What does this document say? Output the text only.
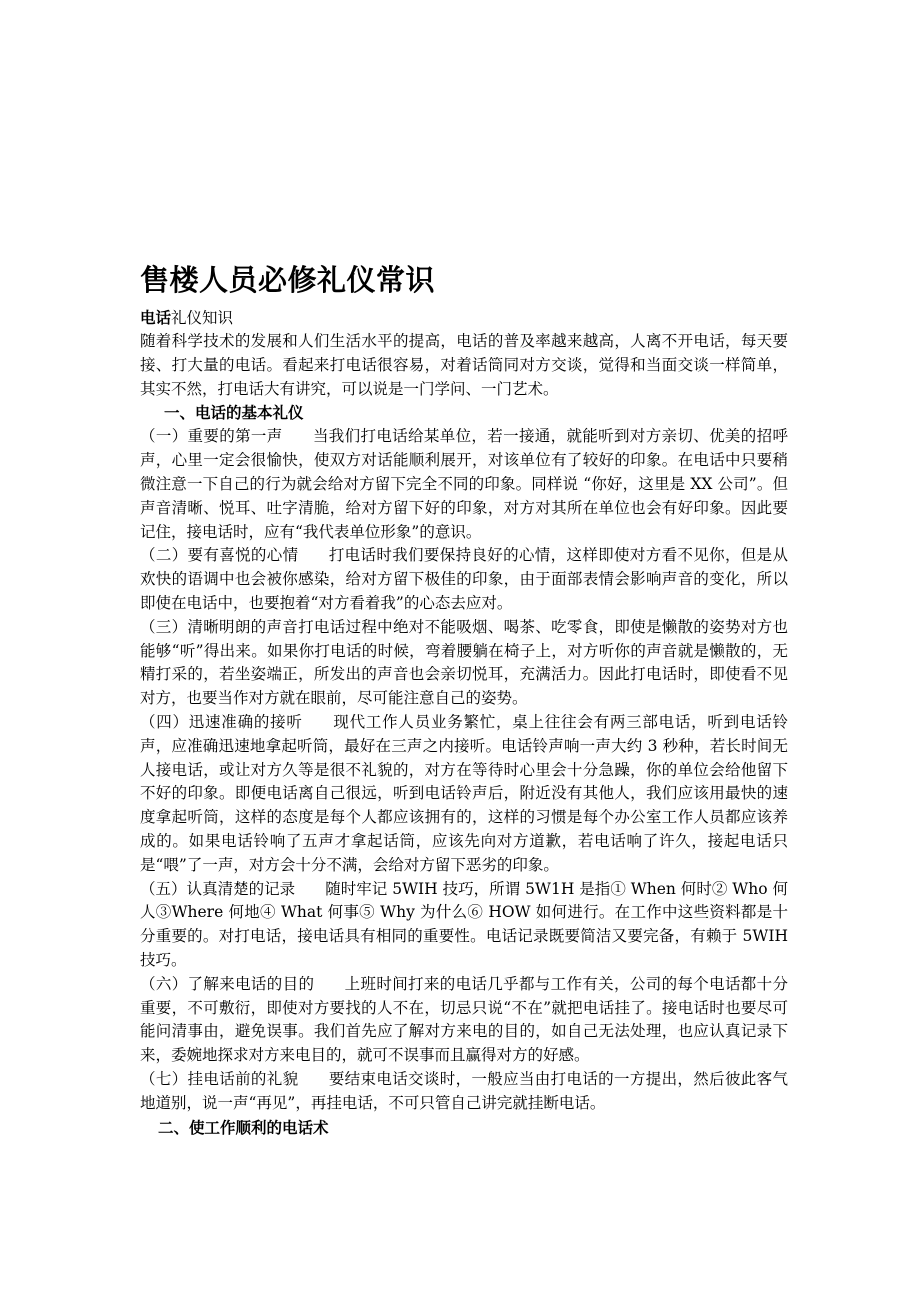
售楼人员必修礼仪常识
电话礼仪知识

随着科学技术的发展和人们生活水平的提高，电话的普及率越来越高，人离不开电话，每天要接、打大量的电话。看起来打电话很容易，对着话筒同对方交谈，觉得和当面交谈一样简单，其实不然，打电话大有讲究，可以说是一门学问、一门艺术。

一、电话的基本礼仪

（一）重要的第一声 当我们打电话给某单位，若一接通，就能听到对方亲切、优美的招呼声，心里一定会很愉快，使双方对话能顺利展开，对该单位有了较好的印象。在电话中只要稍微注意一下自己的行为就会给对方留下完全不同的印象。同样说 “你好，这里是 XX 公司”。但声音清晰、悦耳、吐字清脆，给对方留下好的印象，对方对其所在单位也会有好印象。因此要记住，接电话时，应有“我代表单位形象”的意识。

（二）要有喜悦的心情 打电话时我们要保持良好的心情，这样即使对方看不见你，但是从欢快的语调中也会被你感染，给对方留下极佳的印象，由于面部表情会影响声音的变化，所以即使在电话中，也要抱着“对方看着我”的心态去应对。

（三）清晰明朗的声音打电话过程中绝对不能吸烟、喝茶、吃零食，即使是懒散的姿势对方也能够“听”得出来。如果你打电话的时候，弯着腰躺在椅子上，对方听你的声音就是懒散的，无精打采的，若坐姿端正，所发出的声音也会亲切悦耳，充满活力。因此打电话时，即使看不见对方，也要当作对方就在眼前，尽可能注意自己的姿势。

（四）迅速准确的接听 现代工作人员业务繁忙，桌上往往会有两三部电话，听到电话铃声，应准确迅速地拿起听筒，最好在三声之内接听。电话铃声响一声大约 3 秒种，若长时间无人接电话，或让对方久等是很不礼貌的，对方在等待时心里会十分急躁，你的单位会给他留下不好的印象。即便电话离自己很远，听到电话铃声后，附近没有其他人，我们应该用最快的速度拿起听筒，这样的态度是每个人都应该拥有的，这样的习惯是每个办公室工作人员都应该养成的。如果电话铃响了五声才拿起话筒，应该先向对方道歉，若电话响了许久，接起电话只是“喂”了一声，对方会十分不满，会给对方留下恶劣的印象。

（五）认真清楚的记录 随时牢记 5WIH 技巧，所谓 5W1H 是指① When 何时② Who 何人③Where 何地④ What 何事⑤ Why 为什么⑥ HOW 如何进行。在工作中这些资料都是十分重要的。对打电话，接电话具有相同的重要性。电话记录既要简洁又要完备，有赖于 5WIH 技巧。

（六）了解来电话的目的 上班时间打来的电话几乎都与工作有关，公司的每个电话都十分重要，不可敷衍，即使对方要找的人不在，切忌只说“不在”就把电话挂了。接电话时也要尽可能问清事由，避免误事。我们首先应了解对方来电的目的，如自己无法处理，也应认真记录下来，委婉地探求对方来电目的，就可不误事而且赢得对方的好感。

（七）挂电话前的礼貌 要结束电话交谈时，一般应当由打电话的一方提出，然后彼此客气地道别，说一声“再见”，再挂电话，不可只管自己讲完就挂断电话。

二、使工作顺利的电话术
